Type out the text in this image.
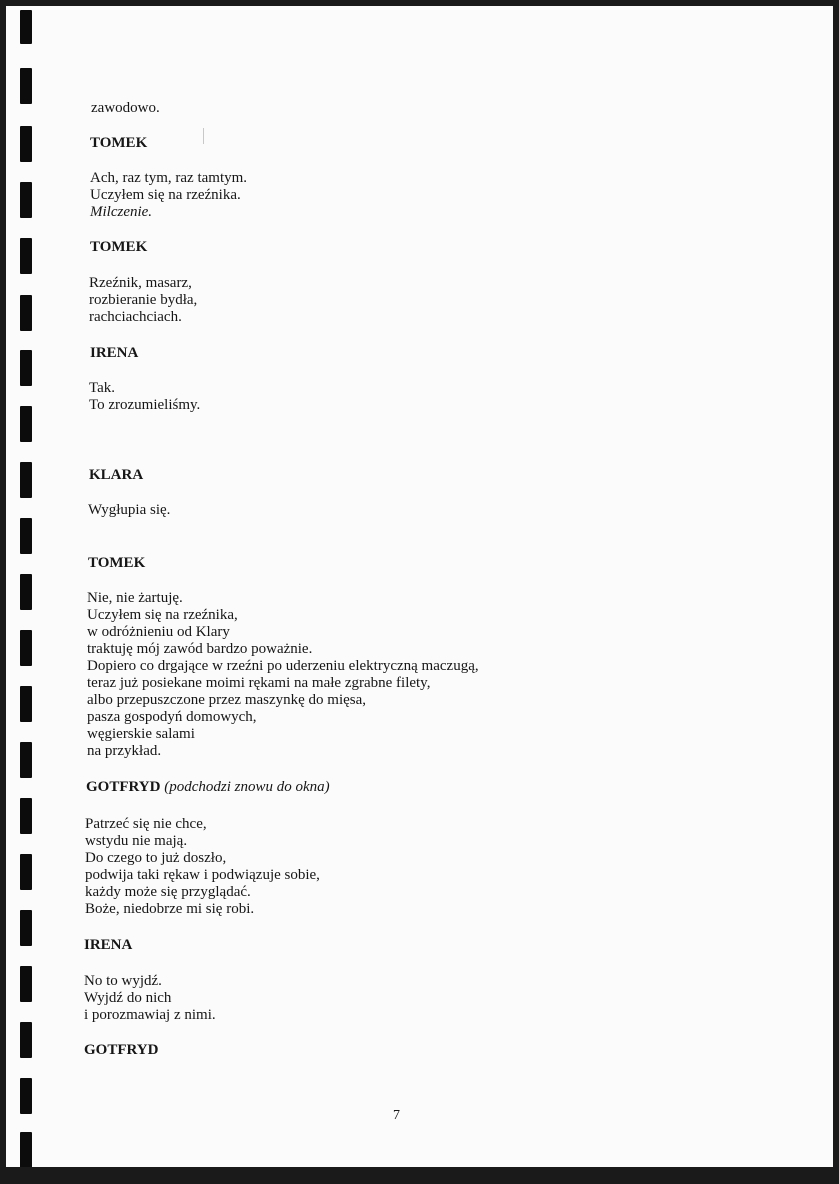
zawodowo.

TOMEK

Ach, raz tym, raz tamtym.

Uczyłem się na rzeźnika.

Milczenie.

TOMEK

Rzeźnik, masarz,

rozbieranie bydła,

rachciachciach.

IRENA

Tak.

To zrozumieliśmy.

KLARA

Wygłupia się.

TOMEK

Nie, nie żartuję.

Uczyłem się na rzeźnika,

w odróżnieniu od Klary

traktuję mój zawód bardzo poważnie.

Dopiero co drgające w rzeźni po uderzeniu elektryczną maczugą,

teraz już posiekane moimi rękami na małe zgrabne filety,

albo przepuszczone przez maszynkę do mięsa,

pasza gospodyń domowych,

węgierskie salami

na przykład.

GOTFRYD (podchodzi znowu do okna)

Patrzeć się nie chce,

wstydu nie mają.

Do czego to już doszło,

podwija taki rękaw i podwiązuje sobie,

każdy może się przyglądać.

Boże, niedobrze mi się robi.

IRENA

No to wyjdź.

Wyjdź do nich

i porozmawiaj z nimi.

GOTFRYD

7
